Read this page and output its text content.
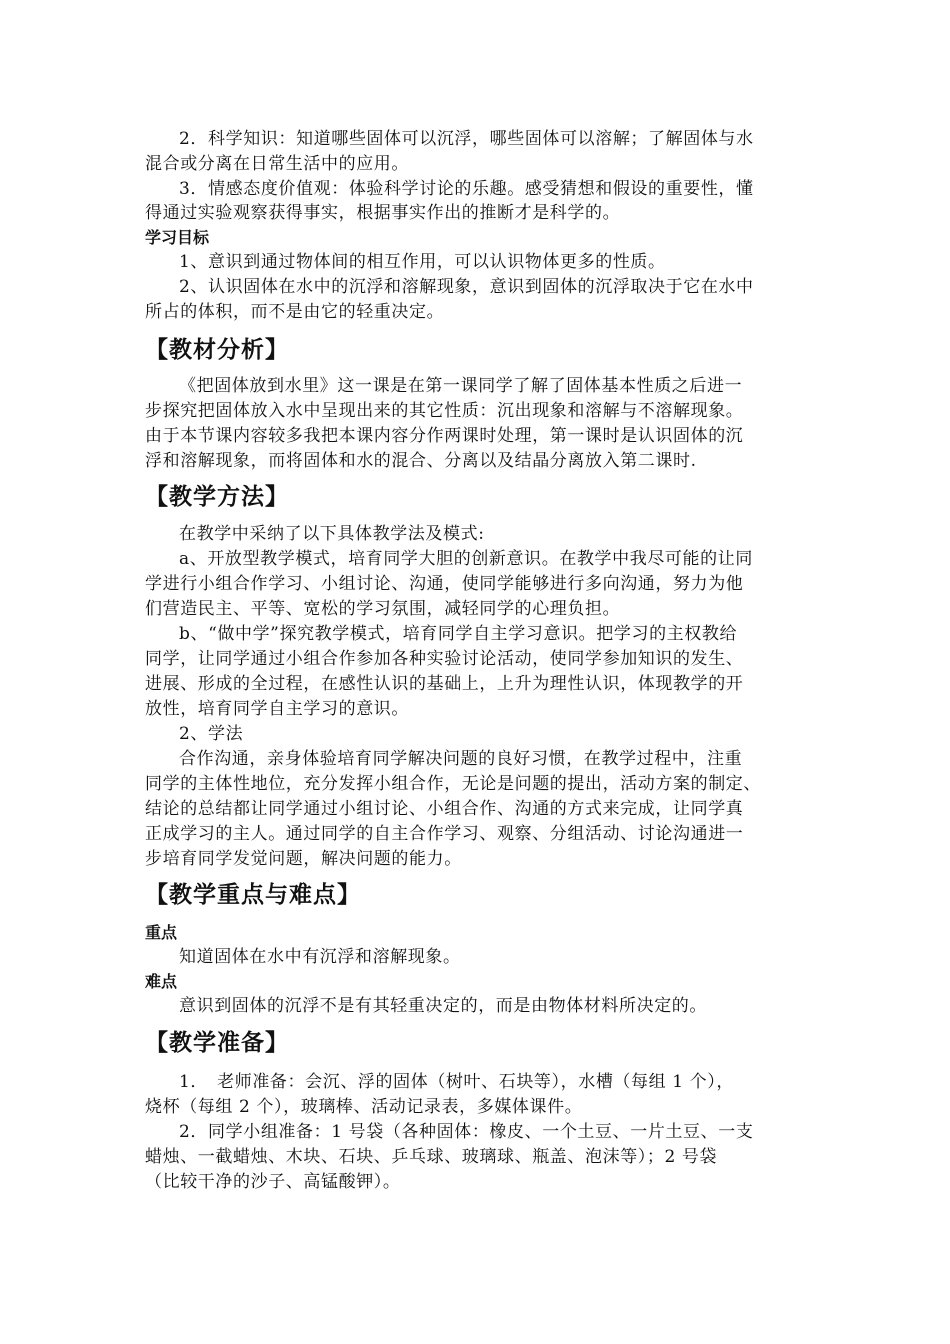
2．科学知识：知道哪些固体可以沉浮，哪些固体可以溶解；了解固体与水
混合或分离在日常生活中的应用。
3．情感态度价值观：体验科学讨论的乐趣。感受猜想和假设的重要性，懂
得通过实验观察获得事实，根据事实作出的推断才是科学的。
学习目标
1、意识到通过物体间的相互作用，可以认识物体更多的性质。
2、认识固体在水中的沉浮和溶解现象，意识到固体的沉浮取决于它在水中
所占的体积，而不是由它的轻重决定。
【教材分析】
《把固体放到水里》这一课是在第一课同学了解了固体基本性质之后进一
步探究把固体放入水中呈现出来的其它性质：沉出现象和溶解与不溶解现象。
由于本节课内容较多我把本课内容分作两课时处理，第一课时是认识固体的沉
浮和溶解现象，而将固体和水的混合、分离以及结晶分离放入第二课时.
【教学方法】
在教学中采纳了以下具体教学法及模式:
a、开放型教学模式，培育同学大胆的创新意识。在教学中我尽可能的让同
学进行小组合作学习、小组讨论、沟通，使同学能够进行多向沟通，努力为他
们营造民主、平等、宽松的学习氛围，减轻同学的心理负担。
b、“做中学”探究教学模式，培育同学自主学习意识。把学习的主权教给
同学，让同学通过小组合作参加各种实验讨论活动，使同学参加知识的发生、
进展、形成的全过程，在感性认识的基础上，上升为理性认识，体现教学的开
放性，培育同学自主学习的意识。
2、学法
合作沟通，亲身体验培育同学解决问题的良好习惯，在教学过程中，注重
同学的主体性地位，充分发挥小组合作，无论是问题的提出，活动方案的制定、
结论的总结都让同学通过小组讨论、小组合作、沟通的方式来完成，让同学真
正成学习的主人。通过同学的自主合作学习、观察、分组活动、讨论沟通进一
步培育同学发觉问题，解决问题的能力。
【教学重点与难点】
重点
知道固体在水中有沉浮和溶解现象。
难点
意识到固体的沉浮不是有其轻重决定的，而是由物体材料所决定的。
【教学准备】
1．　老师准备：会沉、浮的固体（树叶、石块等），水槽（每组 1 个），
烧杯（每组 2 个），玻璃棒、活动记录表，多媒体课件。
2．同学小组准备：1 号袋（各种固体：橡皮、一个土豆、一片土豆、一支
蜡烛、一截蜡烛、木块、石块、乒乓球、玻璃球、瓶盖、泡沫等）；2 号袋
（比较干净的沙子、高锰酸钾）。
